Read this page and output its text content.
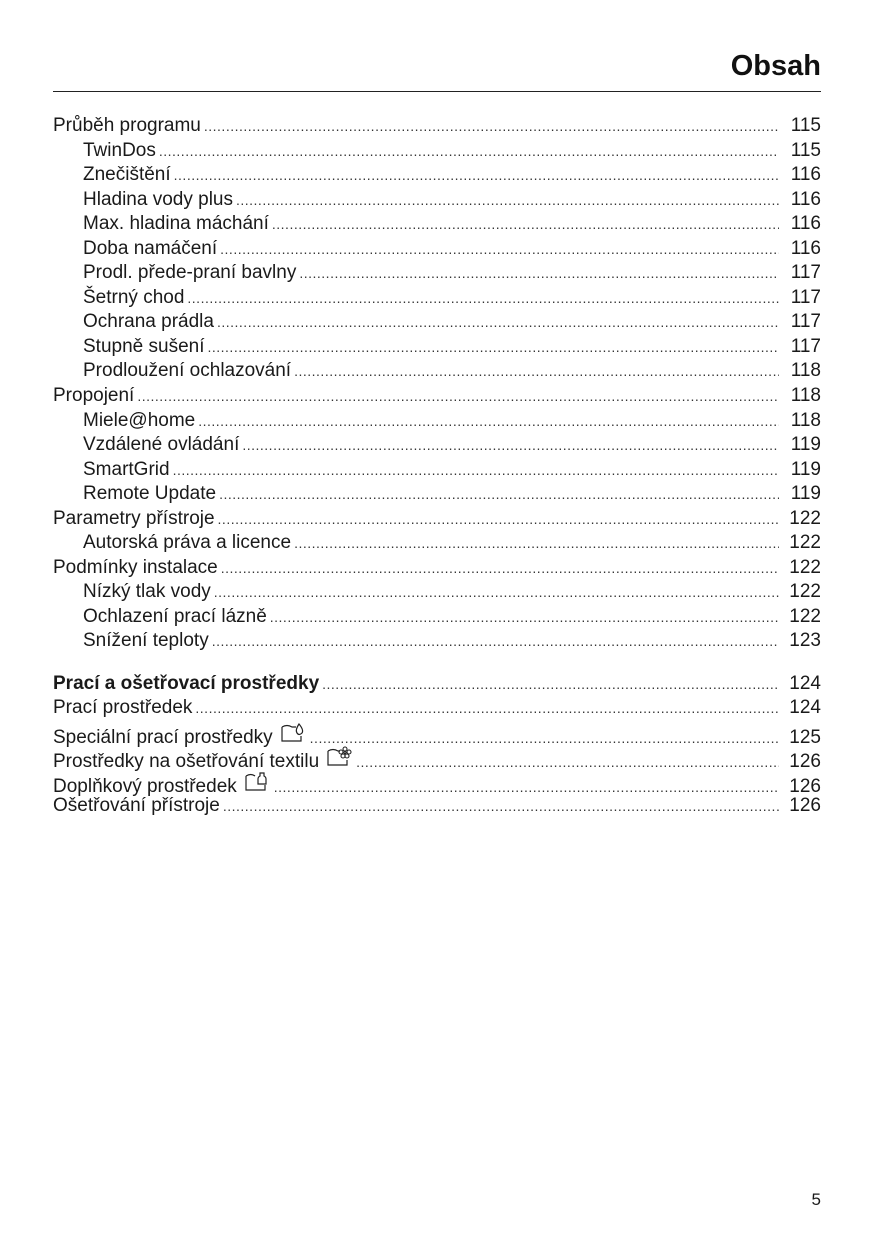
Obsah
Průběh programu .....	115
TwinDos .....	115
Znečištění .....	116
Hladina vody plus .....	116
Max. hladina máchání .....	116
Doba namáčení .....	116
Prodl. přede-praní bavlny .....	117
Šetrný chod .....	117
Ochrana prádla .....	117
Stupně sušení .....	117
Prodloužení ochlazování .....	118
Propojení .....	118
Miele@home .....	118
Vzdálené ovládání .....	119
SmartGrid .....	119
Remote Update .....	119
Parametry přístroje .....	122
Autorská práva a licence .....	122
Podmínky instalace .....	122
Nízký tlak vody .....	122
Ochlazení prací lázně .....	122
Snížení teploty .....	123
Prací a ošetřovací prostředky .....	124
Prací prostředek .....	124
Speciální prací prostředky .....	125
Prostředky na ošetřování textilu .....	126
Doplňkový prostředek .....	126
Ošetřování přístroje .....	126
5
